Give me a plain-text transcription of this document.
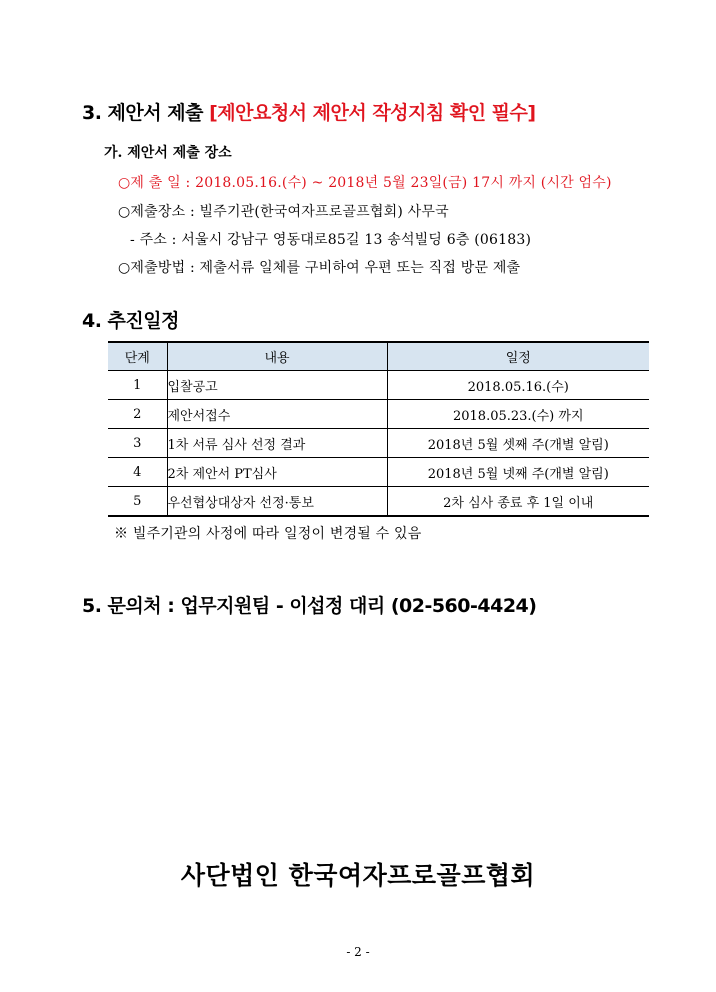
3. 제안서 제출 [제안요청서 제안서 작성지침 확인 필수]
가. 제안서 제출 장소
○제 출 일 : 2018.05.16.(수) ~ 2018년 5월 23일(금) 17시 까지 (시간 엄수)
○제출장소 : 빌주기관(한국여자프로골프협회) 사무국
- 주소 : 서울시 강남구 영동대로85길 13 송석빌딩 6층 (06183)
○제출방법 : 제출서류 일체를 구비하여 우편 또는 직접 방문 제출
4. 추진일정
단계	내용	일정
1	입찰공고	2018.05.16.(수)
2	제안서접수	2018.05.23.(수) 까지
3	1차 서류 심사 선정 결과	2018년 5월 셋째 주(개별 알림)
4	2차 제안서 PT심사	2018년 5월 넷째 주(개별 알림)
5	우선협상대상자 선정·통보	2차 심사 종료 후 1일 이내
※ 빌주기관의 사정에 따라 일정이 변경될 수 있음
5. 문의처 : 업무지원팀 - 이섭정 대리 (02-560-4424)
사단법인 한국여자프로골프협회
- 2 -
